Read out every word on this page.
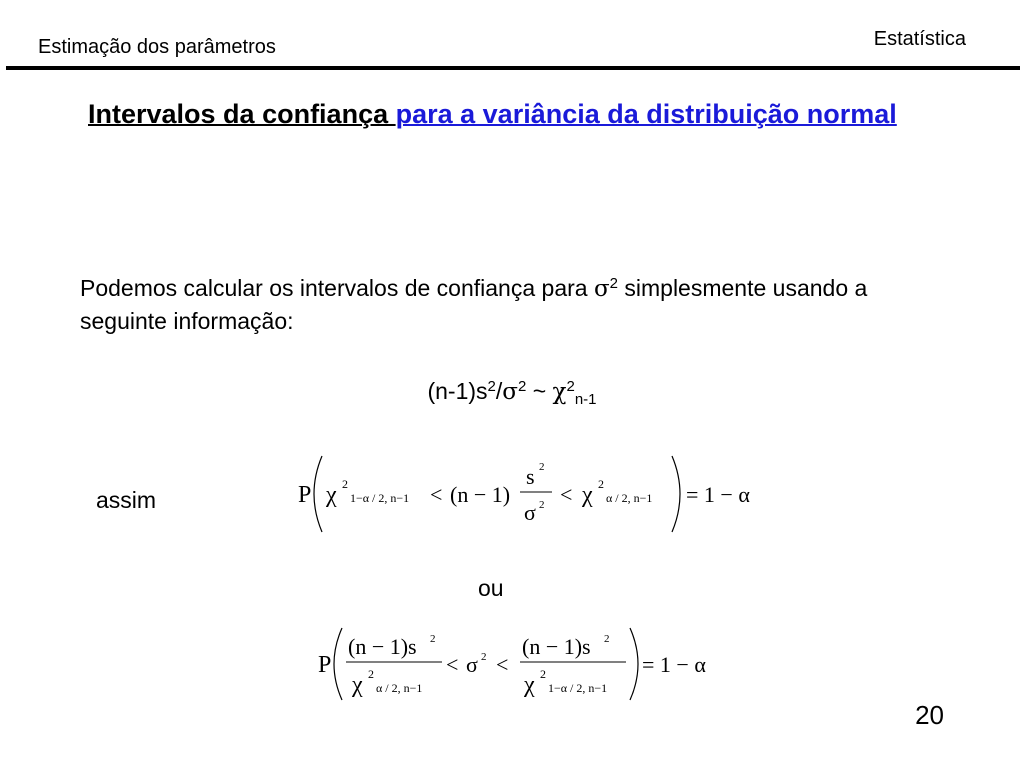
Estimação dos parâmetros	Estatística
Intervalos da confiança para a variância da distribuição normal
Podemos calcular os intervalos de confiança para $\sigma^2$ simplesmente usando a seguinte informação:
$(n-1)s^2/\sigma^2$ ~ $\chi^2_{n-1}$
assim	P χ 2
1−α / 2, n−1 < (n − 1)
s 2
σ 2 < χ 2
α / 2, n−1 = 1 − α
ou
P
(n − 1)s 2
χ 2
α / 2, n−1
< σ 2 <
(n − 1)s 2
χ 2
1−α / 2, n−1
= 1 − α
20
